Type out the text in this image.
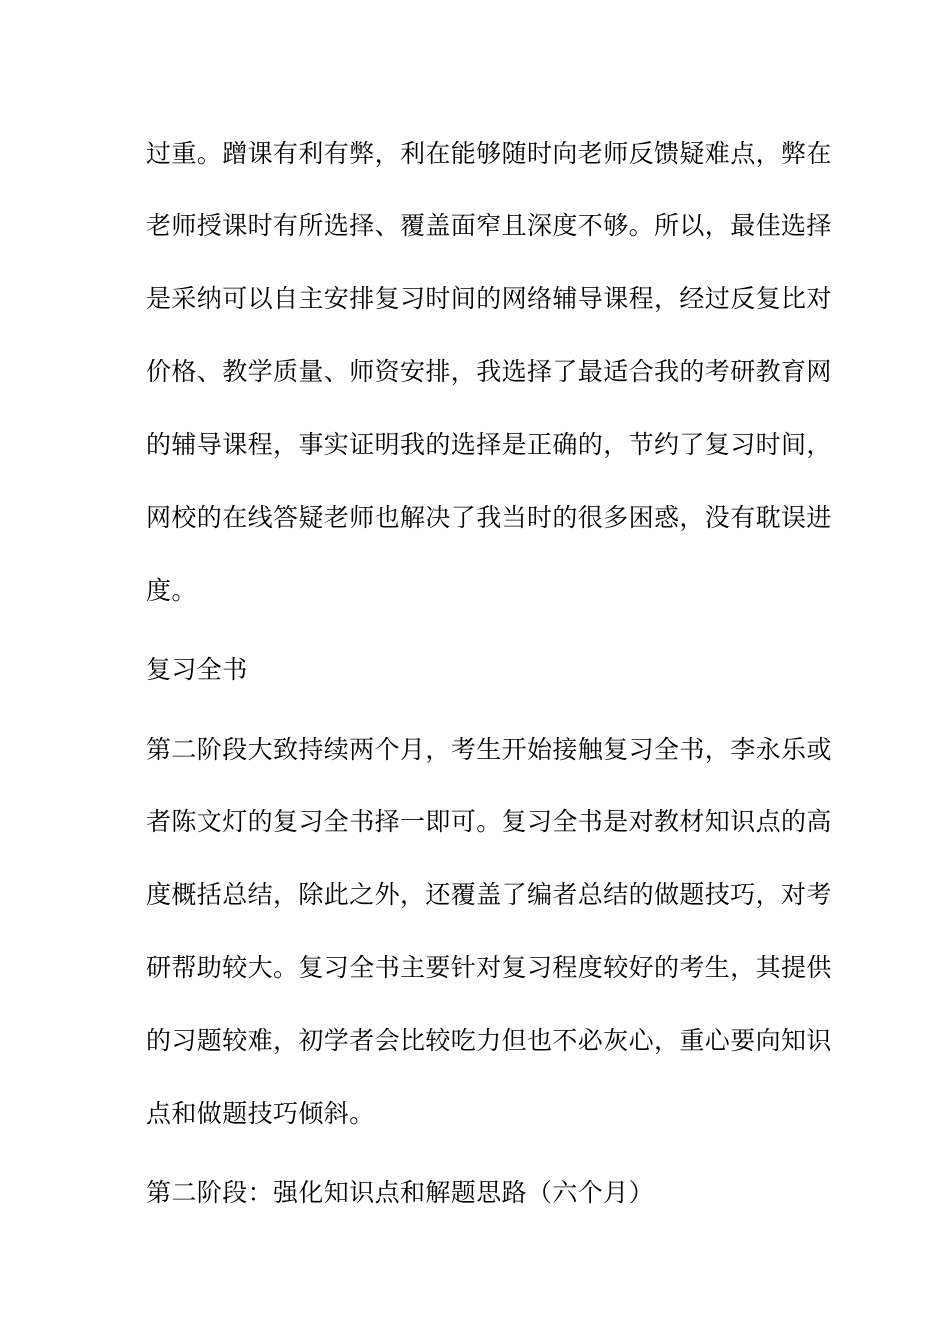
过重。蹭课有利有弊，利在能够随时向老师反馈疑难点，弊在
老师授课时有所选择、覆盖面窄且深度不够。所以，最佳选择
是采纳可以自主安排复习时间的网络辅导课程，经过反复比对
价格、教学质量、师资安排，我选择了最适合我的考研教育网
的辅导课程，事实证明我的选择是正确的，节约了复习时间，
网校的在线答疑老师也解决了我当时的很多困惑，没有耽误进
度。
复习全书
第二阶段大致持续两个月，考生开始接触复习全书，李永乐或
者陈文灯的复习全书择一即可。复习全书是对教材知识点的高
度概括总结，除此之外，还覆盖了编者总结的做题技巧，对考
研帮助较大。复习全书主要针对复习程度较好的考生，其提供
的习题较难，初学者会比较吃力但也不必灰心，重心要向知识
点和做题技巧倾斜。
第二阶段：强化知识点和解题思路（六个月）
